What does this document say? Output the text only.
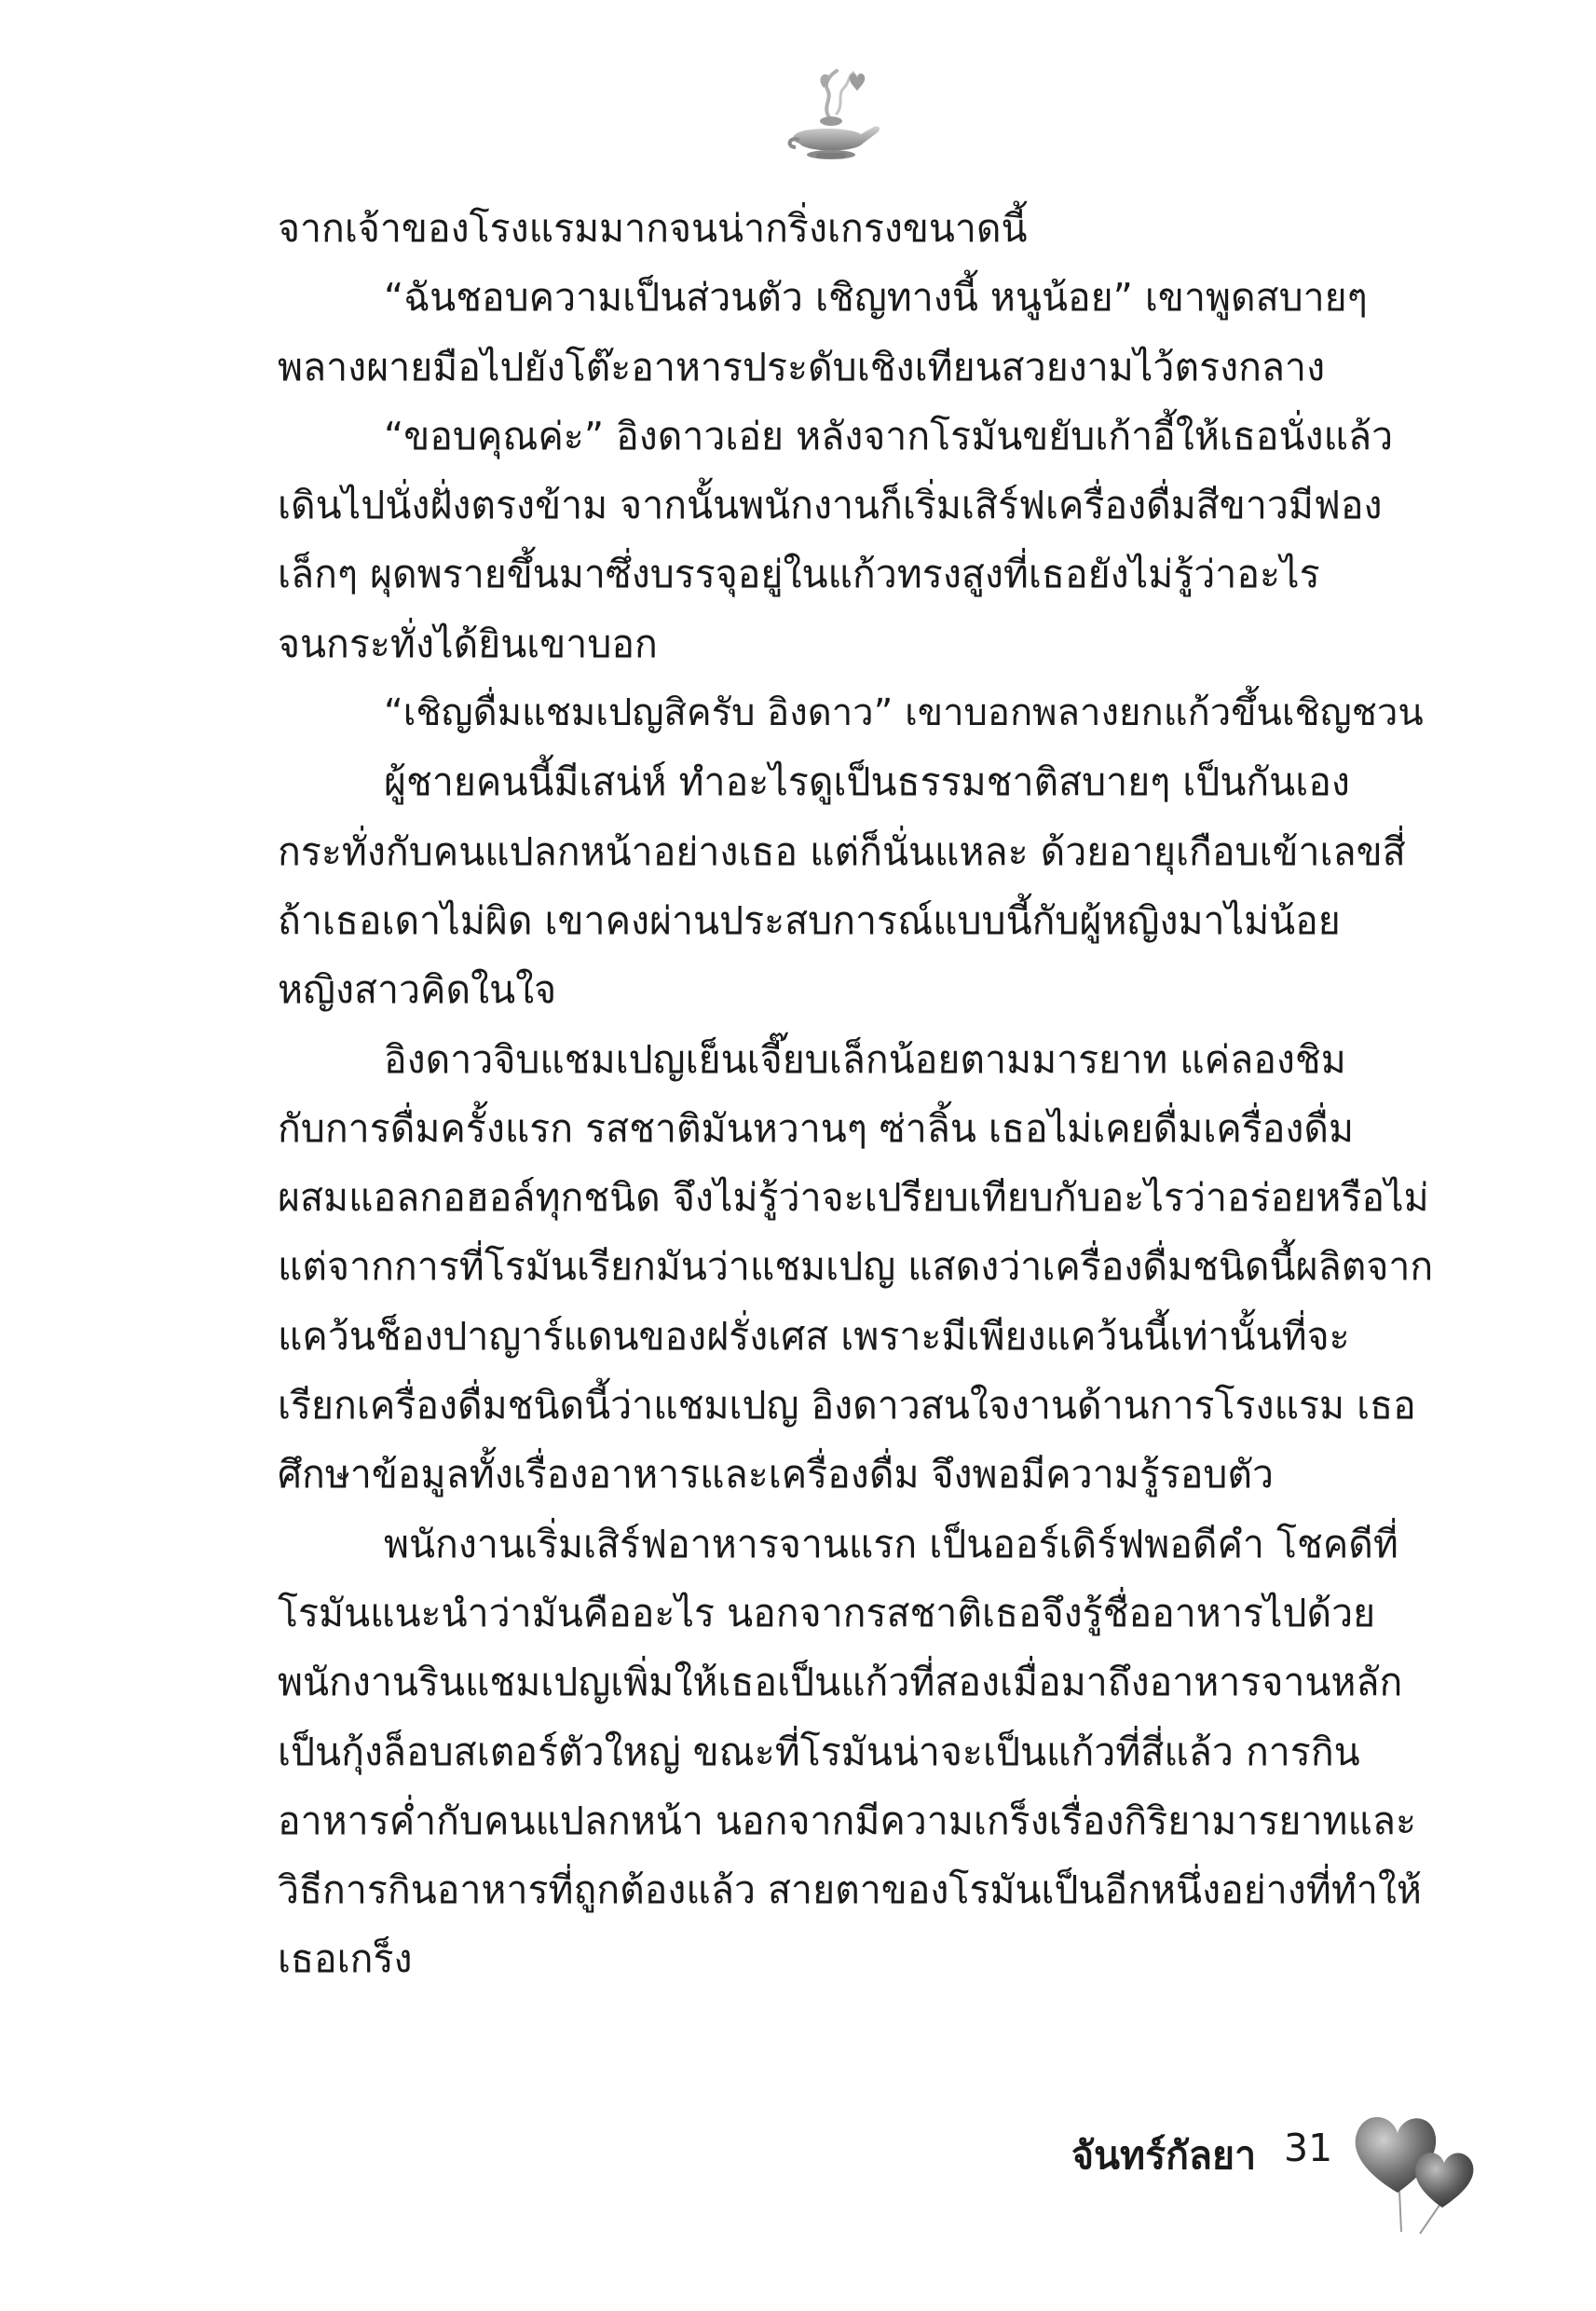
จากเจ้าของโรงแรมมากจนน่ากริ่งเกรงขนาดนี้
“ฉันชอบความเป็นส่วนตัว เชิญทางนี้ หนูน้อย” เขาพูดสบายๆ
พลางผายมือไปยังโต๊ะอาหารประดับเชิงเทียนสวยงามไว้ตรงกลาง
“ขอบคุณค่ะ” อิงดาวเอ่ย หลังจากโรมันขยับเก้าอี้ให้เธอนั่งแล้ว
เดินไปนั่งฝั่งตรงข้าม จากนั้นพนักงานก็เริ่มเสิร์ฟเครื่องดื่มสีขาวมีฟอง
เล็กๆ ผุดพรายขึ้นมาซึ่งบรรจุอยู่ในแก้วทรงสูงที่เธอยังไม่รู้ว่าอะไร
จนกระทั่งได้ยินเขาบอก
“เชิญดื่มแชมเปญสิครับ อิงดาว” เขาบอกพลางยกแก้วขึ้นเชิญชวน
ผู้ชายคนนี้มีเสน่ห์ ทำอะไรดูเป็นธรรมชาติสบายๆ เป็นกันเอง
กระทั่งกับคนแปลกหน้าอย่างเธอ แต่ก็นั่นแหละ ด้วยอายุเกือบเข้าเลขสี่
ถ้าเธอเดาไม่ผิด เขาคงผ่านประสบการณ์แบบนี้กับผู้หญิงมาไม่น้อย
หญิงสาวคิดในใจ
อิงดาวจิบแชมเปญเย็นเจี๊ยบเล็กน้อยตามมารยาท แค่ลองชิม
กับการดื่มครั้งแรก รสชาติมันหวานๆ ซ่าลิ้น เธอไม่เคยดื่มเครื่องดื่ม
ผสมแอลกอฮอล์ทุกชนิด จึงไม่รู้ว่าจะเปรียบเทียบกับอะไรว่าอร่อยหรือไม่
แต่จากการที่โรมันเรียกมันว่าแชมเปญ แสดงว่าเครื่องดื่มชนิดนี้ผลิตจาก
แคว้นช็องปาญาร์แดนของฝรั่งเศส เพราะมีเพียงแคว้นนี้เท่านั้นที่จะ
เรียกเครื่องดื่มชนิดนี้ว่าแชมเปญ อิงดาวสนใจงานด้านการโรงแรม เธอ
ศึกษาข้อมูลทั้งเรื่องอาหารและเครื่องดื่ม จึงพอมีความรู้รอบตัว
พนักงานเริ่มเสิร์ฟอาหารจานแรก เป็นออร์เดิร์ฟพอดีคำ โชคดีที่
โรมันแนะนำว่ามันคืออะไร นอกจากรสชาติเธอจึงรู้ชื่ออาหารไปด้วย
พนักงานรินแชมเปญเพิ่มให้เธอเป็นแก้วที่สองเมื่อมาถึงอาหารจานหลัก
เป็นกุ้งล็อบสเตอร์ตัวใหญ่ ขณะที่โรมันน่าจะเป็นแก้วที่สี่แล้ว การกิน
อาหารค่ำกับคนแปลกหน้า นอกจากมีความเกร็งเรื่องกิริยามารยาทและ
วิธีการกินอาหารที่ถูกต้องแล้ว สายตาของโรมันเป็นอีกหนึ่งอย่างที่ทำให้
เธอเกร็ง
จันทร์กัลยา 31
